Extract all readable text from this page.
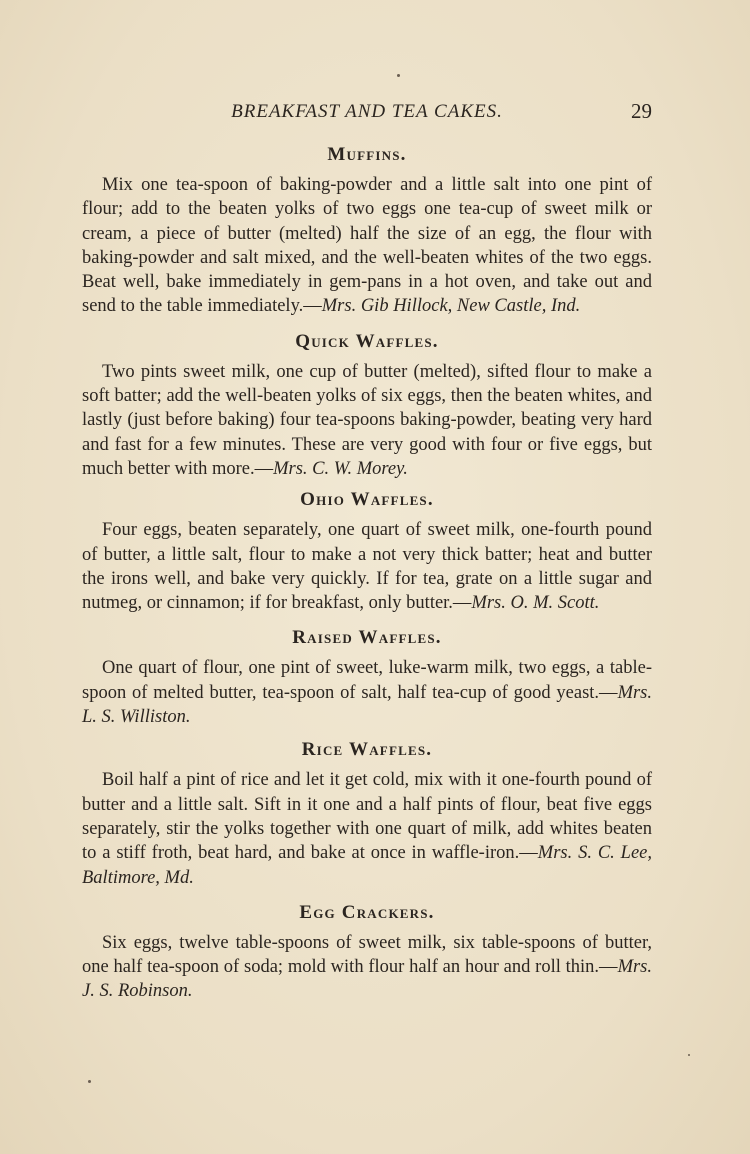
BREAKFAST AND TEA CAKES.	29
Muffins.

Mix one tea-spoon of baking-powder and a little salt into one pint of flour; add to the beaten yolks of two eggs one tea-cup of sweet milk or cream, a piece of butter (melted) half the size of an egg, the flour with baking-powder and salt mixed, and the well-beaten whites of the two eggs. Beat well, bake immediately in gem-pans in a hot oven, and take out and send to the table immediately.—Mrs. Gib Hillock, New Castle, Ind.

Quick Waffles.

Two pints sweet milk, one cup of butter (melted), sifted flour to make a soft batter; add the well-beaten yolks of six eggs, then the beaten whites, and lastly (just before baking) four tea-spoons baking-powder, beating very hard and fast for a few minutes. These are very good with four or five eggs, but much better with more.—Mrs. C. W. Morey.

Ohio Waffles.

Four eggs, beaten separately, one quart of sweet milk, one-fourth pound of butter, a little salt, flour to make a not very thick batter; heat and butter the irons well, and bake very quickly. If for tea, grate on a little sugar and nutmeg, or cinnamon; if for breakfast, only butter.—Mrs. O. M. Scott.

Raised Waffles.

One quart of flour, one pint of sweet, luke-warm milk, two eggs, a table-spoon of melted butter, tea-spoon of salt, half tea-cup of good yeast.—Mrs. L. S. Williston.

Rice Waffles.

Boil half a pint of rice and let it get cold, mix with it one-fourth pound of butter and a little salt. Sift in it one and a half pints of flour, beat five eggs separately, stir the yolks together with one quart of milk, add whites beaten to a stiff froth, beat hard, and bake at once in waffle-iron.—Mrs. S. C. Lee, Baltimore, Md.

Egg Crackers.

Six eggs, twelve table-spoons of sweet milk, six table-spoons of butter, one half tea-spoon of soda; mold with flour half an hour and roll thin.—Mrs. J. S. Robinson.
